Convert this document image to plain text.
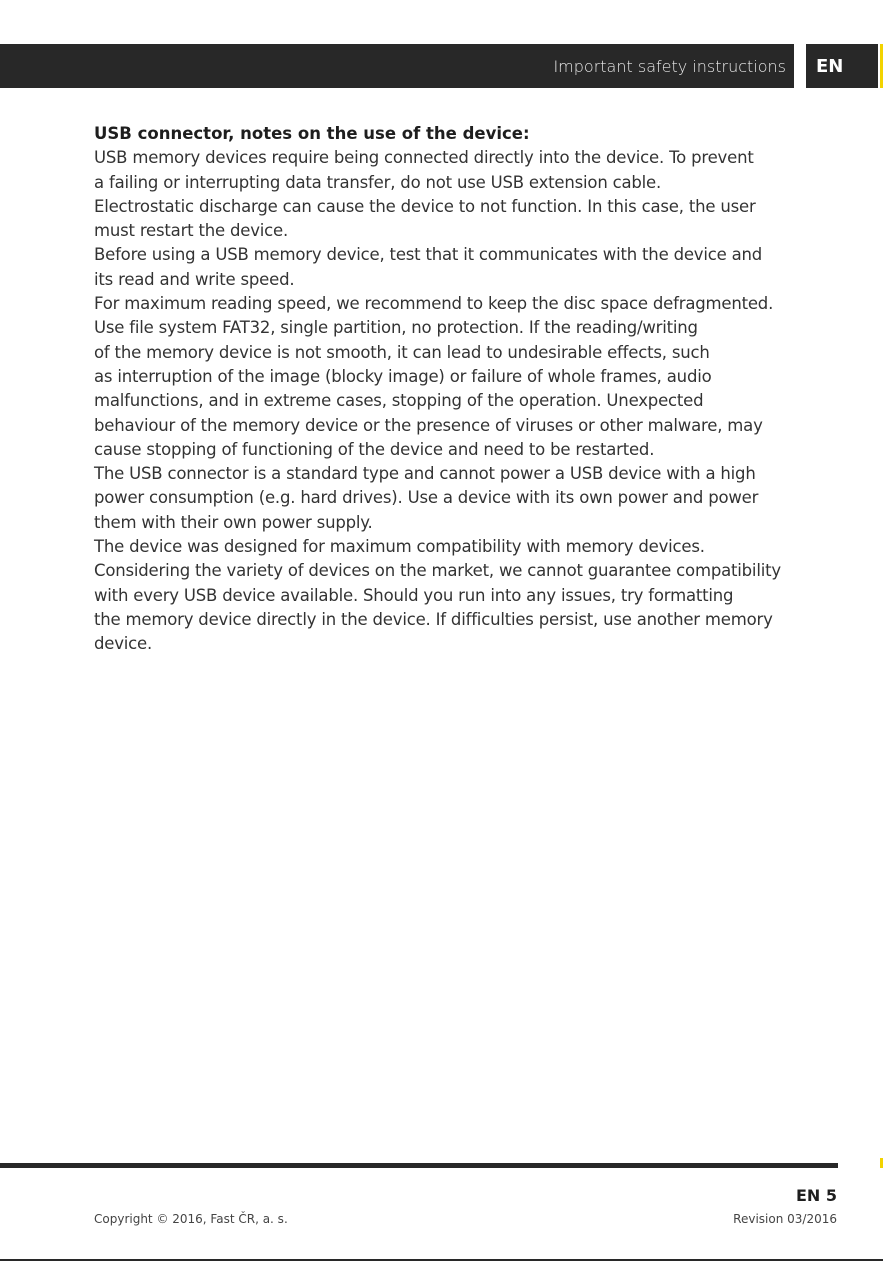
Important safety instructions EN
USB connector, notes on the use of the device:
USB memory devices require being connected directly into the device. To prevent
a failing or interrupting data transfer, do not use USB extension cable.
Electrostatic discharge can cause the device to not function. In this case, the user
must restart the device.
Before using a USB memory device, test that it communicates with the device and
its read and write speed.
For maximum reading speed, we recommend to keep the disc space defragmented.
Use file system FAT32, single partition, no protection. If the reading/writing
of the memory device is not smooth, it can lead to undesirable effects, such
as interruption of the image (blocky image) or failure of whole frames, audio
malfunctions, and in extreme cases, stopping of the operation. Unexpected
behaviour of the memory device or the presence of viruses or other malware, may
cause stopping of functioning of the device and need to be restarted.
The USB connector is a standard type and cannot power a USB device with a high
power consumption (e.g. hard drives). Use a device with its own power and power
them with their own power supply.
The device was designed for maximum compatibility with memory devices.
Considering the variety of devices on the market, we cannot guarantee compatibility
with every USB device available. Should you run into any issues, try formatting
the memory device directly in the device. If difficulties persist, use another memory
device.
EN 5
Copyright © 2016, Fast ČR, a. s.	Revision 03/2016
